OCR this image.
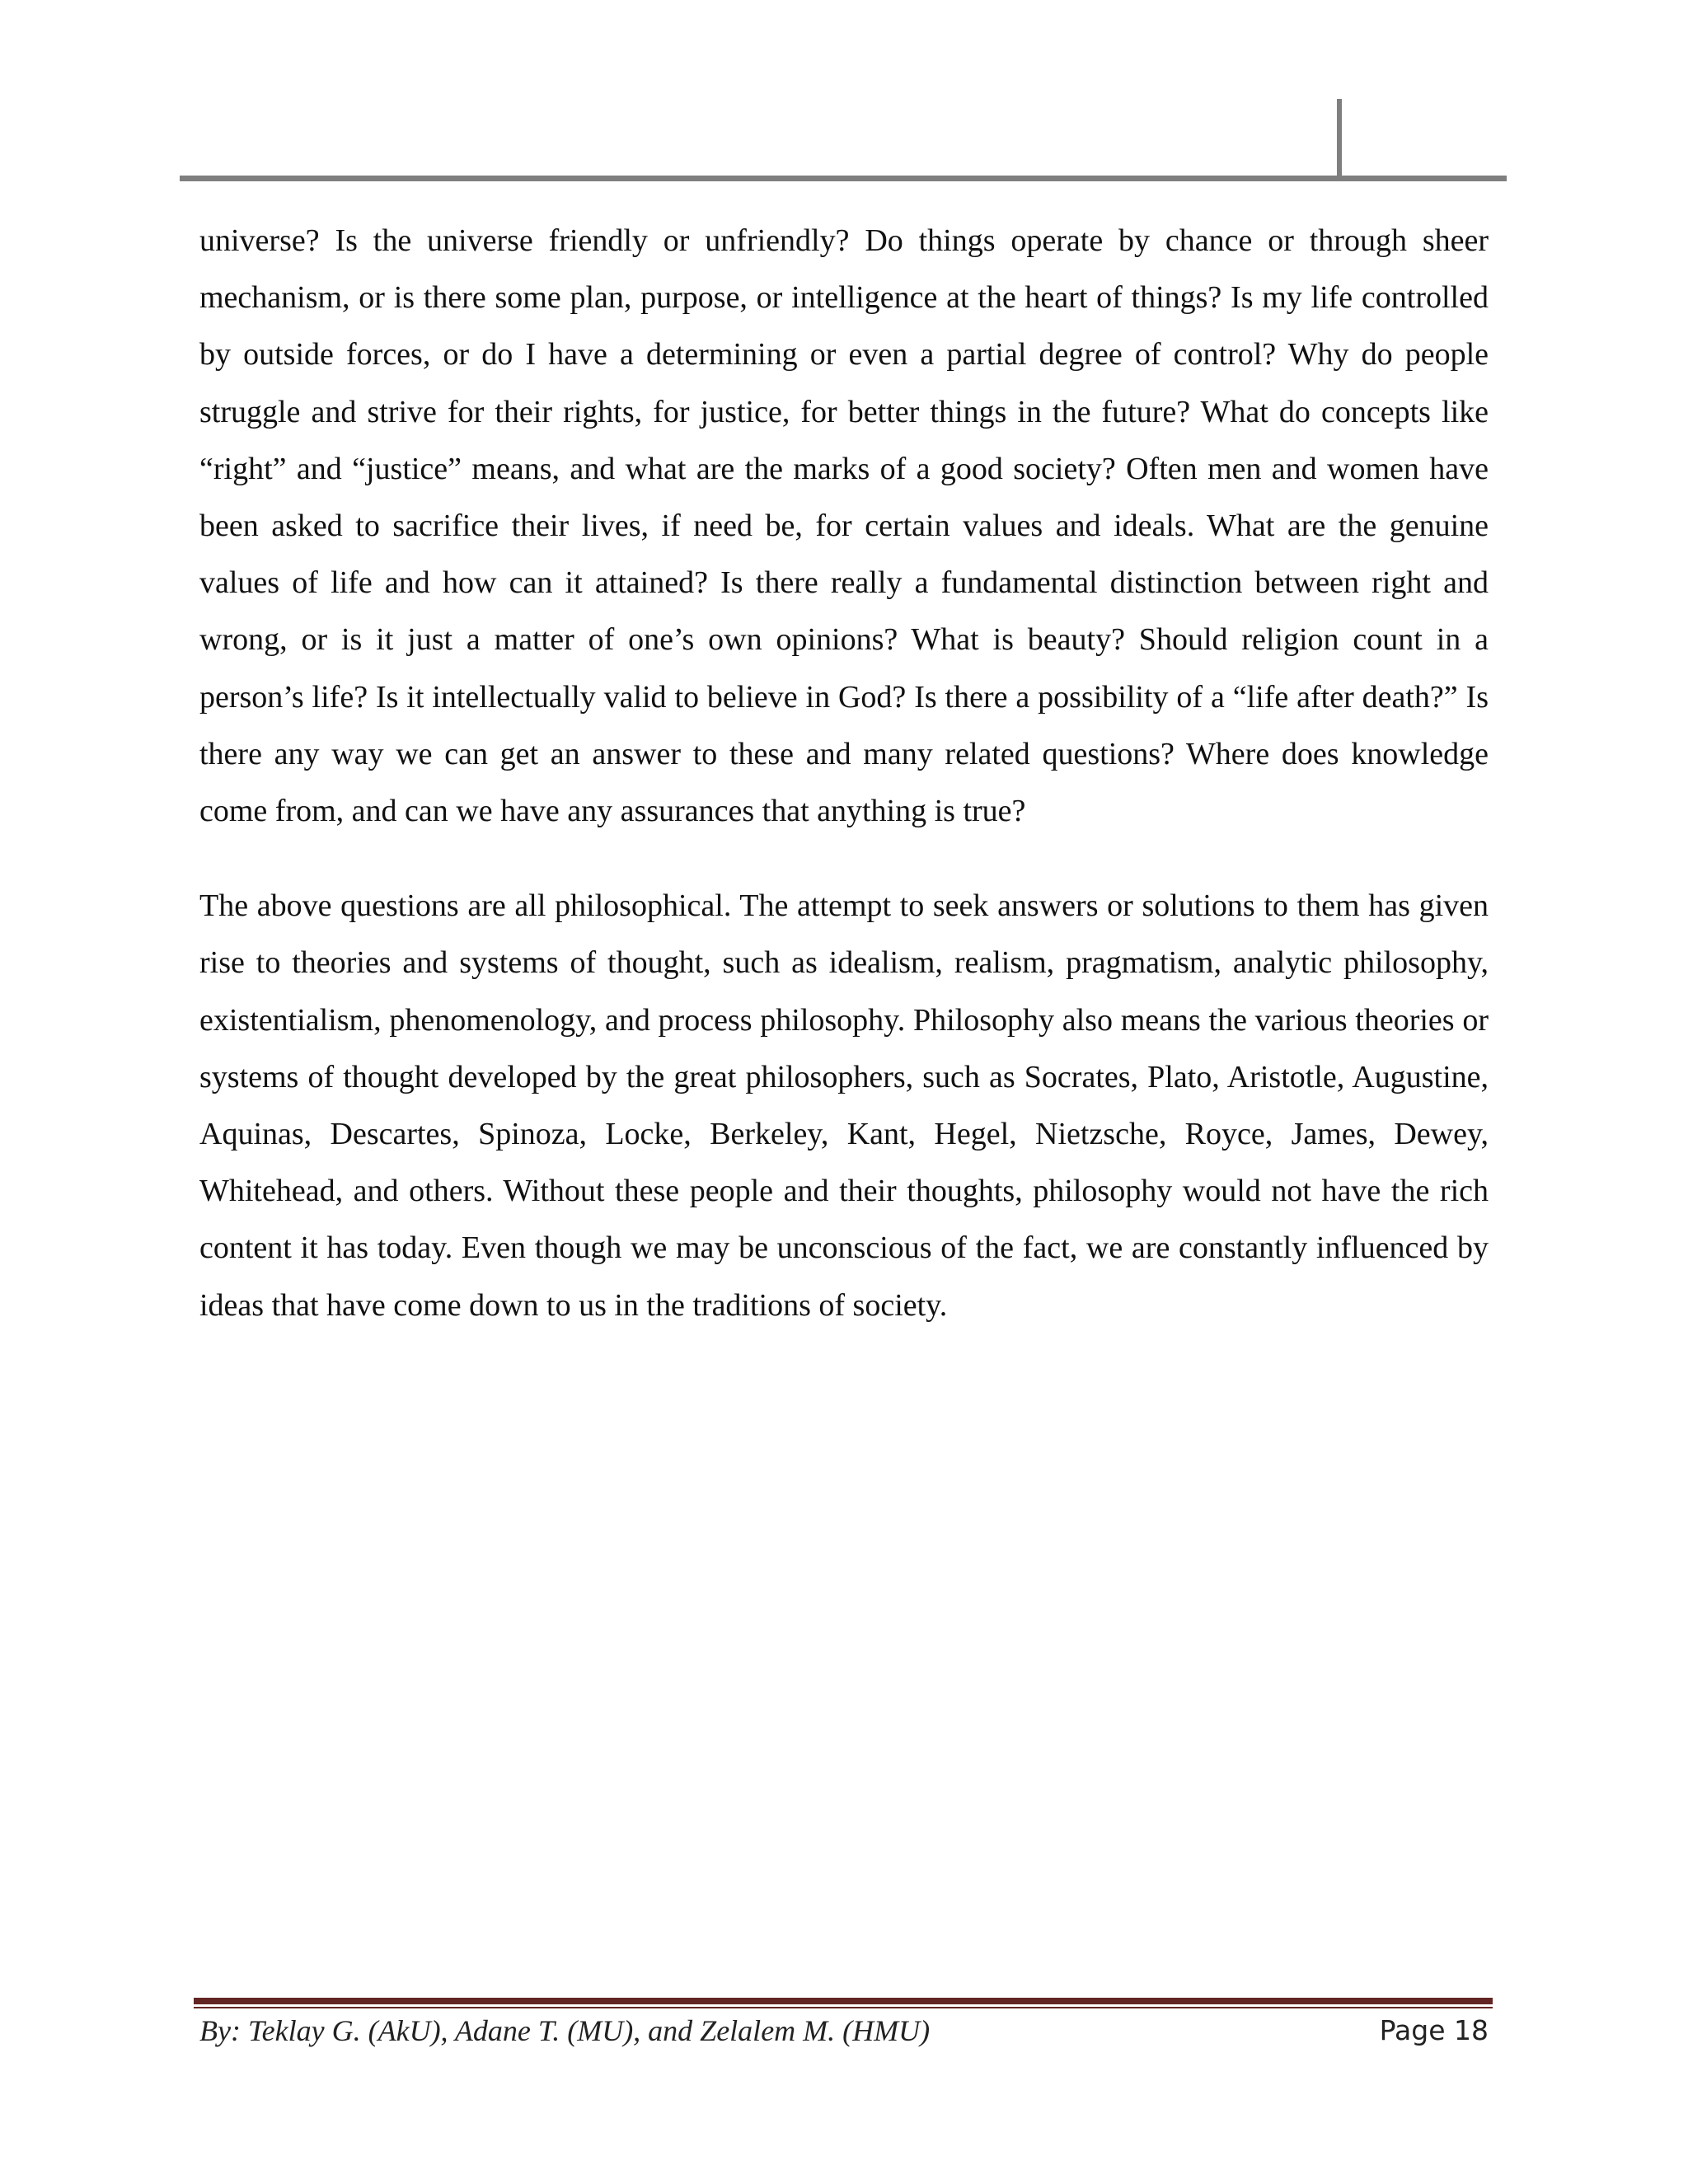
universe? Is the universe friendly or unfriendly? Do things operate by chance or through sheer mechanism, or is there some plan, purpose, or intelligence at the heart of things? Is my life controlled by outside forces, or do I have a determining or even a partial degree of control? Why do people struggle and strive for their rights, for justice, for better things in the future? What do concepts like “right” and “justice” means, and what are the marks of a good society? Often men and women have been asked to sacrifice their lives, if need be, for certain values and ideals. What are the genuine values of life and how can it attained? Is there really a fundamental distinction between right and wrong, or is it just a matter of one’s own opinions? What is beauty? Should religion count in a person’s life? Is it intellectually valid to believe in God? Is there a possibility of a “life after death?” Is there any way we can get an answer to these and many related questions? Where does knowledge come from, and can we have any assurances that anything is true?

The above questions are all philosophical. The attempt to seek answers or solutions to them has given rise to theories and systems of thought, such as idealism, realism, pragmatism, analytic philosophy, existentialism, phenomenology, and process philosophy. Philosophy also means the various theories or systems of thought developed by the great philosophers, such as Socrates, Plato, Aristotle, Augustine, Aquinas, Descartes, Spinoza, Locke, Berkeley, Kant, Hegel, Nietzsche, Royce, James, Dewey, Whitehead, and others. Without these people and their thoughts, philosophy would not have the rich content it has today. Even though we may be unconscious of the fact, we are constantly influenced by ideas that have come down to us in the traditions of society.

By: Teklay G. (AkU), Adane T. (MU), and Zelalem M. (HMU)	Page 18
